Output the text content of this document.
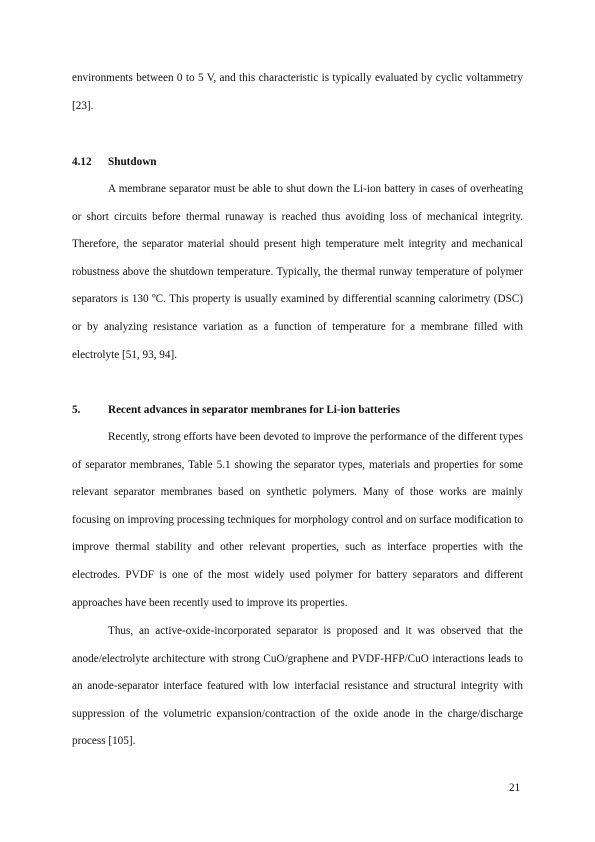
environments between 0 to 5 V, and this characteristic is typically evaluated by cyclic voltammetry [23].

4.12	Shutdown

A membrane separator must be able to shut down the Li-ion battery in cases of overheating or short circuits before thermal runaway is reached thus avoiding loss of mechanical integrity. Therefore, the separator material should present high temperature melt integrity and mechanical robustness above the shutdown temperature. Typically, the thermal runway temperature of polymer separators is 130 ºC. This property is usually examined by differential scanning calorimetry (DSC) or by analyzing resistance variation as a function of temperature for a membrane filled with electrolyte [51, 93, 94].

5.	Recent advances in separator membranes for Li-ion batteries

Recently, strong efforts have been devoted to improve the performance of the different types of separator membranes, Table 5.1 showing the separator types, materials and properties for some relevant separator membranes based on synthetic polymers. Many of those works are mainly focusing on improving processing techniques for morphology control and on surface modification to improve thermal stability and other relevant properties, such as interface properties with the electrodes. PVDF is one of the most widely used polymer for battery separators and different approaches have been recently used to improve its properties.

Thus, an active-oxide-incorporated separator is proposed and it was observed that the anode/electrolyte architecture with strong CuO/graphene and PVDF-HFP/CuO interactions leads to an anode-separator interface featured with low interfacial resistance and structural integrity with suppression of the volumetric expansion/contraction of the oxide anode in the charge/discharge process [105].

21
